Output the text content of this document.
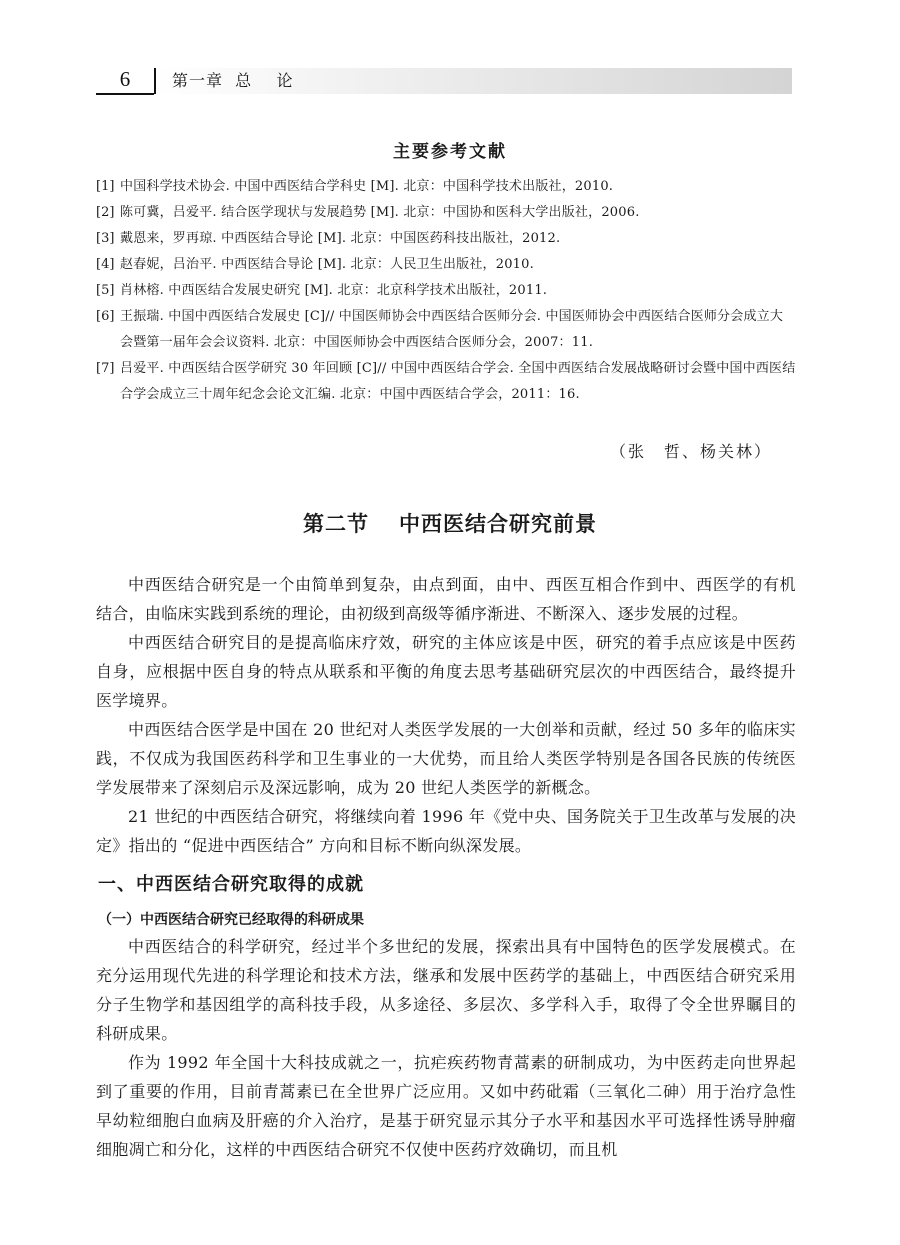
6	第一章  总    论
主要参考文献
[1] 中国科学技术协会. 中国中西医结合学科史 [M]. 北京：中国科学技术出版社，2010.
[2] 陈可冀，吕爱平. 结合医学现状与发展趋势 [M]. 北京：中国协和医科大学出版社，2006.
[3] 戴恩来，罗再琼. 中西医结合导论 [M]. 北京：中国医药科技出版社，2012.
[4] 赵春妮，吕治平. 中西医结合导论 [M]. 北京：人民卫生出版社，2010.
[5] 肖林榕. 中西医结合发展史研究 [M]. 北京：北京科学技术出版社，2011.
[6] 王振瑞. 中国中西医结合发展史 [C]// 中国医师协会中西医结合医师分会. 中国医师协会中西医结合医师分会成立大会暨第一届年会会议资料. 北京：中国医师协会中西医结合医师分会，2007：11.
[7] 吕爱平. 中西医结合医学研究 30 年回顾 [C]// 中国中西医结合学会. 全国中西医结合发展战略研讨会暨中国中西医结合学会成立三十周年纪念会论文汇编. 北京：中国中西医结合学会，2011：16.
（张　哲、杨关林）
第二节 中西医结合研究前景

中西医结合研究是一个由简单到复杂，由点到面，由中、西医互相合作到中、西医学的有机结合，由临床实践到系统的理论，由初级到高级等循序渐进、不断深入、逐步发展的过程。

中西医结合研究目的是提高临床疗效，研究的主体应该是中医，研究的着手点应该是中医药自身，应根据中医自身的特点从联系和平衡的角度去思考基础研究层次的中西医结合，最终提升医学境界。

中西医结合医学是中国在 20 世纪对人类医学发展的一大创举和贡献，经过 50 多年的临床实践，不仅成为我国医药科学和卫生事业的一大优势，而且给人类医学特别是各国各民族的传统医学发展带来了深刻启示及深远影响，成为 20 世纪人类医学的新概念。

21 世纪的中西医结合研究，将继续向着 1996 年《党中央、国务院关于卫生改革与发展的决定》指出的 “促进中西医结合” 方向和目标不断向纵深发展。

一、中西医结合研究取得的成就
（一）中西医结合研究已经取得的科研成果

中西医结合的科学研究，经过半个多世纪的发展，探索出具有中国特色的医学发展模式。在充分运用现代先进的科学理论和技术方法，继承和发展中医药学的基础上，中西医结合研究采用分子生物学和基因组学的高科技手段，从多途径、多层次、多学科入手，取得了令全世界瞩目的科研成果。

作为 1992 年全国十大科技成就之一，抗疟疾药物青蒿素的研制成功，为中医药走向世界起到了重要的作用，目前青蒿素已在全世界广泛应用。又如中药砒霜（三氧化二砷）用于治疗急性早幼粒细胞白血病及肝癌的介入治疗，是基于研究显示其分子水平和基因水平可选择性诱导肿瘤细胞凋亡和分化，这样的中西医结合研究不仅使中医药疗效确切，而且机
